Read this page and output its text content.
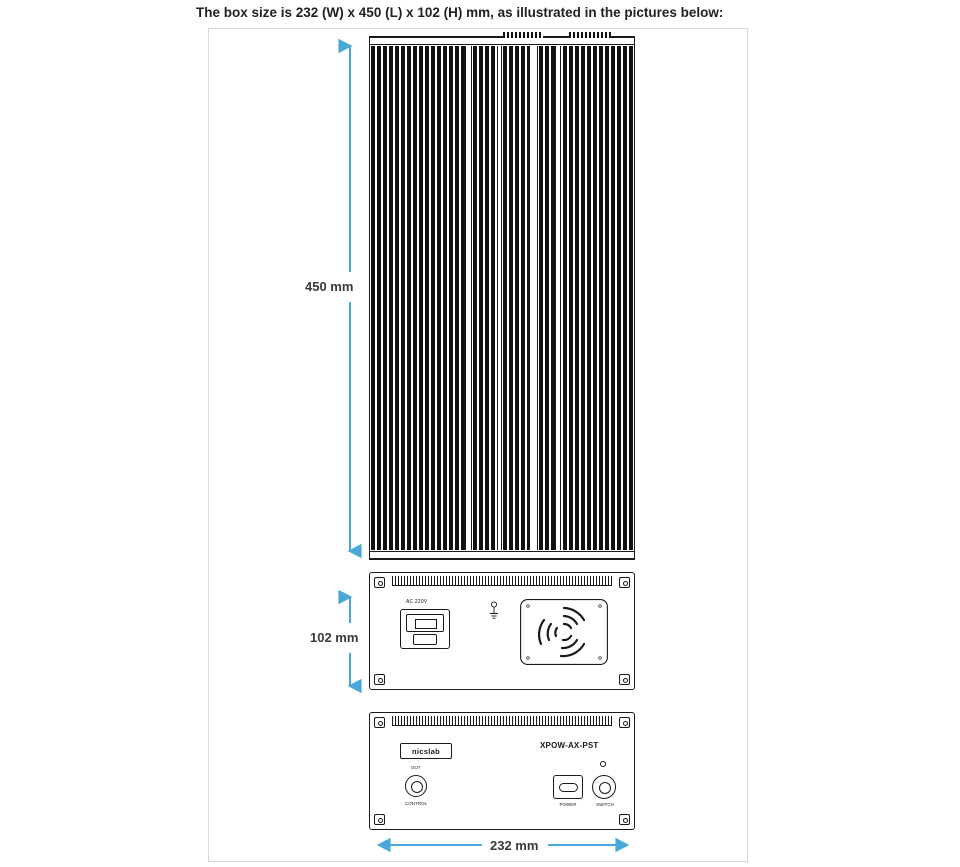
The box size is 232 (W) x 450 (L) x 102 (H) mm, as illustrated in the pictures below:
AC 220V
nicslab
XPOW-AX-PST
OUT
CONTROL	POWER	SWITCH
450 mm
102 mm
232 mm
